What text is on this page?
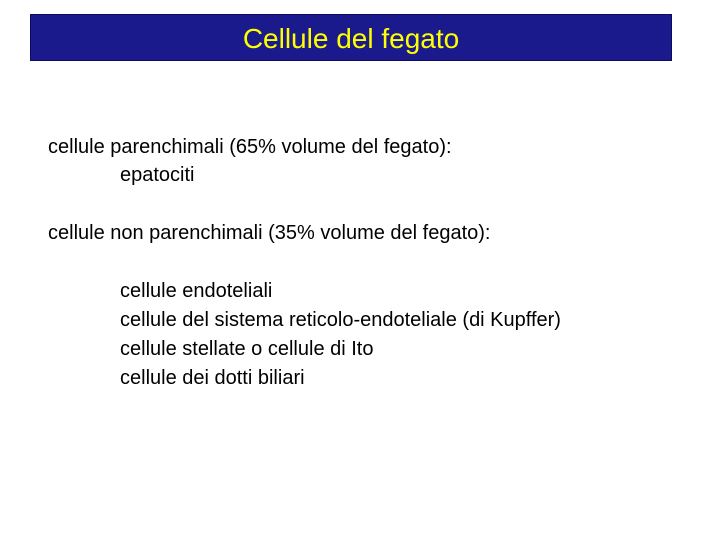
Cellule del fegato
cellule parenchimali (65% volume del fegato):
epatociti
cellule non parenchimali (35% volume del fegato):
cellule endoteliali
cellule del sistema reticolo-endoteliale (di Kupffer)
cellule stellate o cellule di Ito
cellule dei dotti biliari
